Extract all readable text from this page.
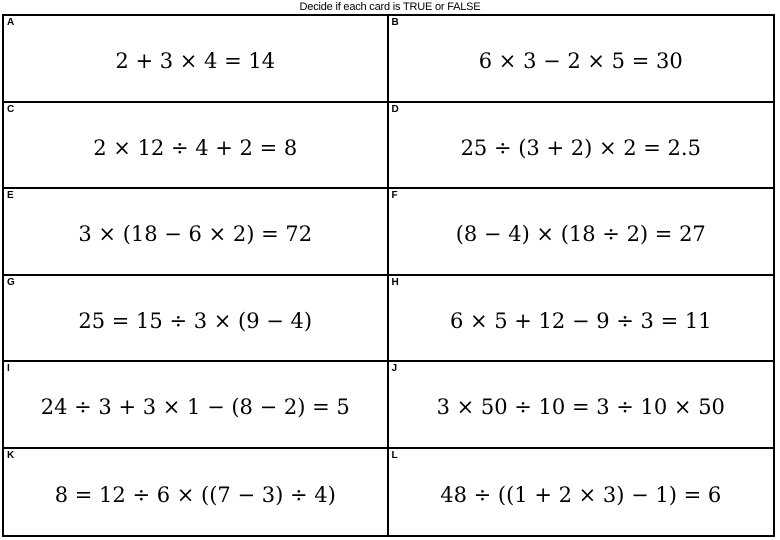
Decide if each card is TRUE or FALSE
A
2 + 3 × 4 = 14
B
6 × 3 − 2 × 5 = 30
C
2 × 12 ÷ 4 + 2 = 8
D
25 ÷ (3 + 2) × 2 = 2.5
E
3 × (18 − 6 × 2) = 72
F
(8 − 4) × (18 ÷ 2) = 27
G
25 = 15 ÷ 3 × (9 − 4)
H
6 × 5 + 12 − 9 ÷ 3 = 11
I
24 ÷ 3 + 3 × 1 − (8 − 2) = 5
J
3 × 50 ÷ 10 = 3 ÷ 10 × 50
K
8 = 12 ÷ 6 × ((7 − 3) ÷ 4)
L
48 ÷ ((1 + 2 × 3) − 1) = 6
